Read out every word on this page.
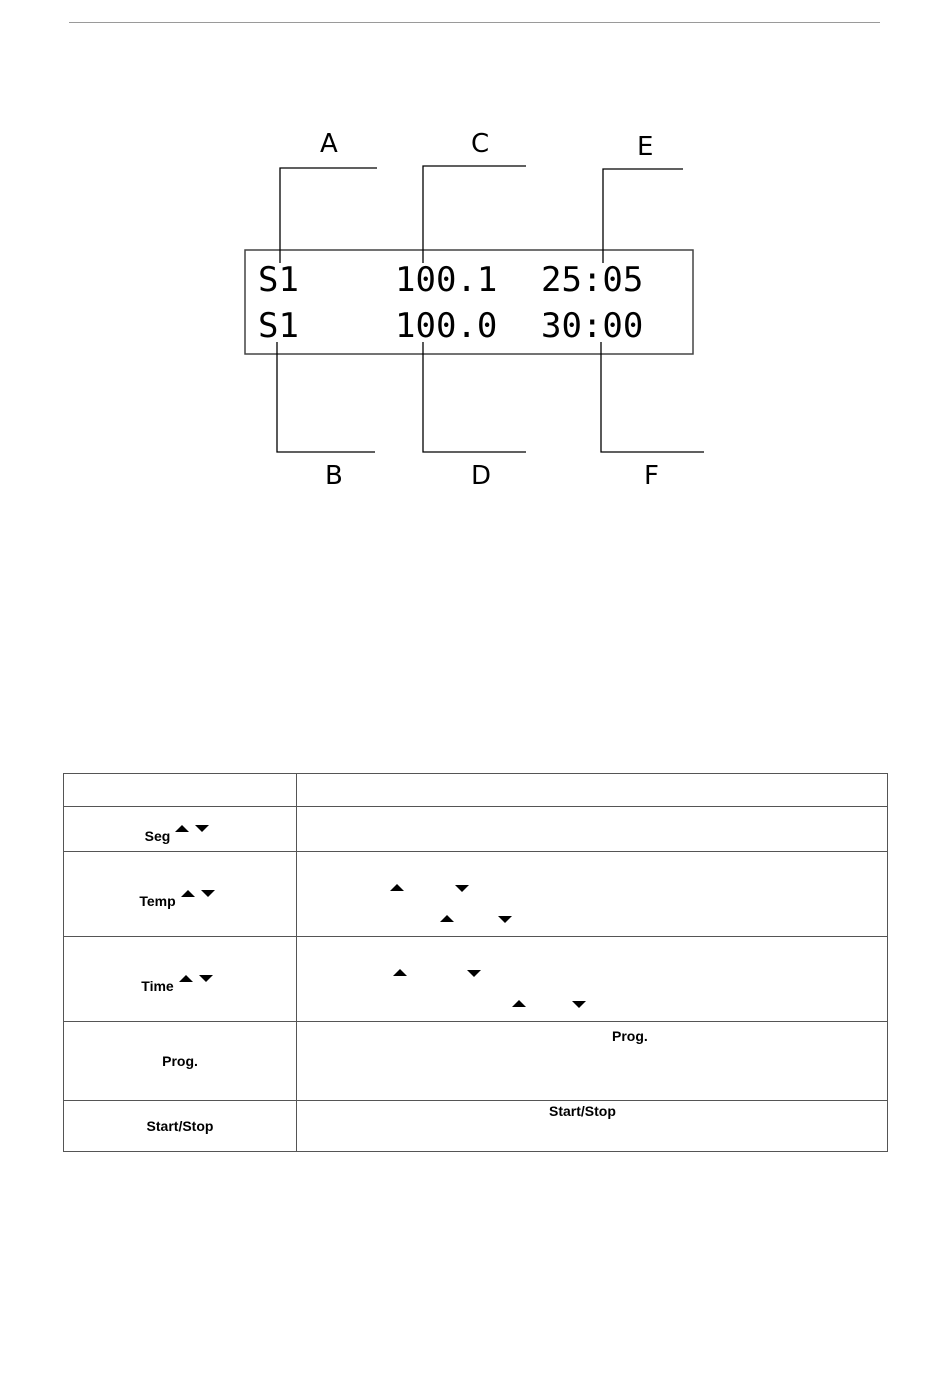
A	C	E
B	D	F
S1	100.1 25:05
S1	100.0 30:00

Seg	
Temp	

Time	

Prog.	Prog.

Start/Stop	Start/Stop
